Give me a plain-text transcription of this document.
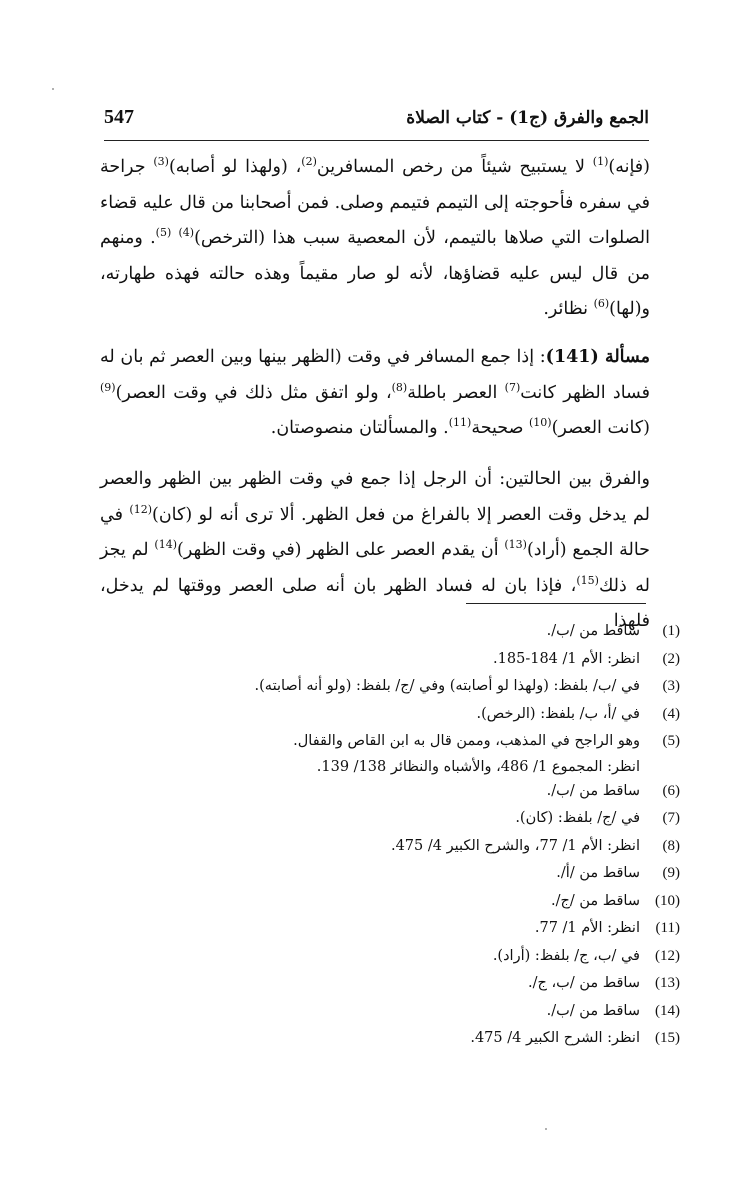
547	الجمع والفرق (ج1) - كتاب الصلاة

(فإنه)$^{(1)}$ لا يستبيح شيئاً من رخص المسافرين$^{(2)}$، (ولهذا لو أصابه)$^{(3)}$ جراحة في سفره فأحوجته إلى التيمم فتيمم وصلى. فمن أصحابنا من قال عليه قضاء الصلوات التي صلاها بالتيمم، لأن المعصية سبب هذا (الترخص)$^{(4)}$ $^{(5)}$. ومنهم من قال ليس عليه قضاؤها، لأنه لو صار مقيماً وهذه حالته فهذه طهارته، و(لها)$^{(6)}$ نظائر.

مسألة (141): إذا جمع المسافر في وقت (الظهر بينها وبين العصر ثم بان له فساد الظهر كانت$^{(7)}$ العصر باطلة$^{(8)}$، ولو اتفق مثل ذلك في وقت العصر)$^{(9)}$ (كانت العصر)$^{(10)}$ صحيحة$^{(11)}$. والمسألتان منصوصتان.

والفرق بين الحالتين: أن الرجل إذا جمع في وقت الظهر بين الظهر والعصر لم يدخل وقت العصر إلا بالفراغ من فعل الظهر. ألا ترى أنه لو (كان)$^{(12)}$ في حالة الجمع (أراد)$^{(13)}$ أن يقدم العصر على الظهر (في وقت الظهر)$^{(14)}$ لم يجز له ذلك$^{(15)}$، فإذا بان له فساد الظهر بان أنه صلى العصر ووقتها لم يدخل، فلهذا (1)
ساقط من /ب/.
(2)
انظر: الأم 1/ 184-185.
(3)
في /ب/ بلفظ: (ولهذا لو أصابته) وفي /ج/ بلفظ: (ولو أنه أصابته).
(4)
في /أ، ب/ بلفظ: (الرخص).
(5)
وهو الراجح في المذهب، وممن قال به ابن القاص والقفال.
انظر: المجموع 1/ 486، والأشباه والنظائر 138/ 139.
(6)
ساقط من /ب/.
(7)
في /ج/ بلفظ: (كان).
(8)
انظر: الأم 1/ 77، والشرح الكبير 4/ 475.
(9)
ساقط من /أ/.
(10)
ساقط من /ج/.
(11)
انظر: الأم 1/ 77.
(12)
في /ب، ج/ بلفظ: (أراد).
(13)
ساقط من /ب، ج/.
(14)
ساقط من /ب/.
(15)
انظر: الشرح الكبير 4/ 475.
